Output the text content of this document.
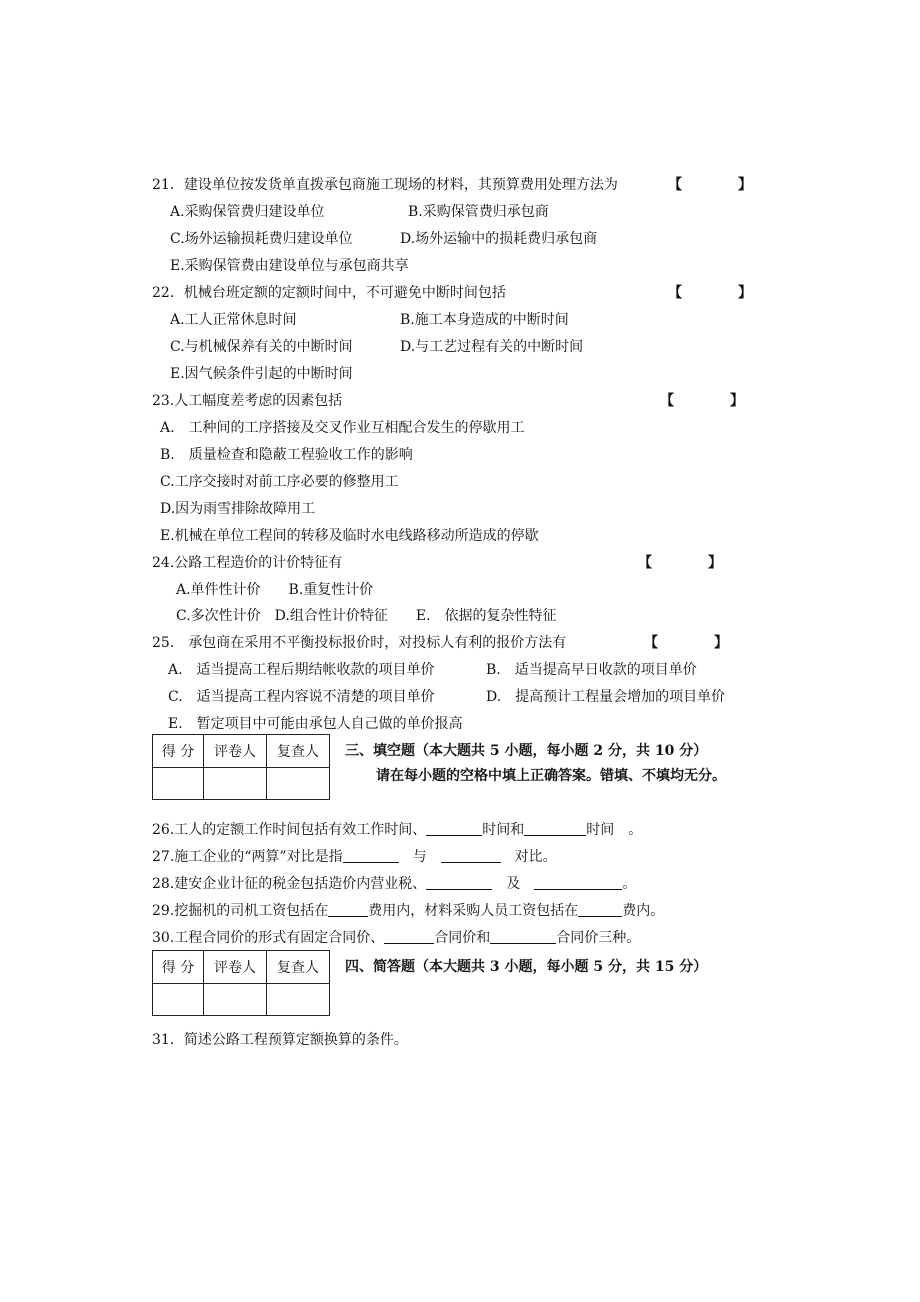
21．建设单位按发货单直拨承包商施工现场的材料，其预算费用处理方法为	【　　　　】
A.采购保管费归建设单位	B.采购保管费归承包商
C.场外运输损耗费归建设单位	D.场外运输中的损耗费归承包商
E.采购保管费由建设单位与承包商共享
22．机械台班定额的定额时间中，不可避免中断时间包括	【　　　　】
A.工人正常休息时间	B.施工本身造成的中断时间
C.与机械保养有关的中断时间	D.与工艺过程有关的中断时间
E.因气候条件引起的中断时间
23.人工幅度差考虑的因素包括	【　　　　】
A.　工种间的工序搭接及交叉作业互相配合发生的停歇用工
B.　质量检查和隐蔽工程验收工作的影响
C.工序交接时对前工序必要的修整用工
D.因为雨雪排除故障用工
E.机械在单位工程间的转移及临时水电线路移动所造成的停歇
24.公路工程造价的计价特征有	【　　　　】
A.单件性计价　　B.重复性计价
C.多次性计价　D.组合性计价特征　　E.　依据的复杂性特征
25.　承包商在采用不平衡投标报价时，对投标人有利的报价方法有	【　　　　】
A.　适当提高工程后期结帐收款的项目单价	B.　适当提高早日收款的项目单价
C.　适当提高工程内容说不清楚的项目单价	D.　提高预计工程量会增加的项目单价
E.　暂定项目中可能由承包人自己做的单价报高
得 分	评卷人	复查人
		三、填空题（本大题共 5 小题，每小题 2 分，共 10 分）
请在每小题的空格中填上正确答案。错填、不填均无分。
26.工人的定额工作时间包括有效工作时间、	时间和	时间　。
27.施工企业的“两算”对比是指　	与　　	对比。
28.建安企业计征的税金包括造价内营业税、　	及　	。
29.挖掘机的司机工资包括在	费用内，材料采购人员工资包括在	费内。
30.工程合同价的形式有固定合同价、	合同价和	合同价三种。
得 分	评卷人	复查人
		四、简答题（本大题共 3 小题，每小题 5 分，共 15 分）
31．简述公路工程预算定额换算的条件。
